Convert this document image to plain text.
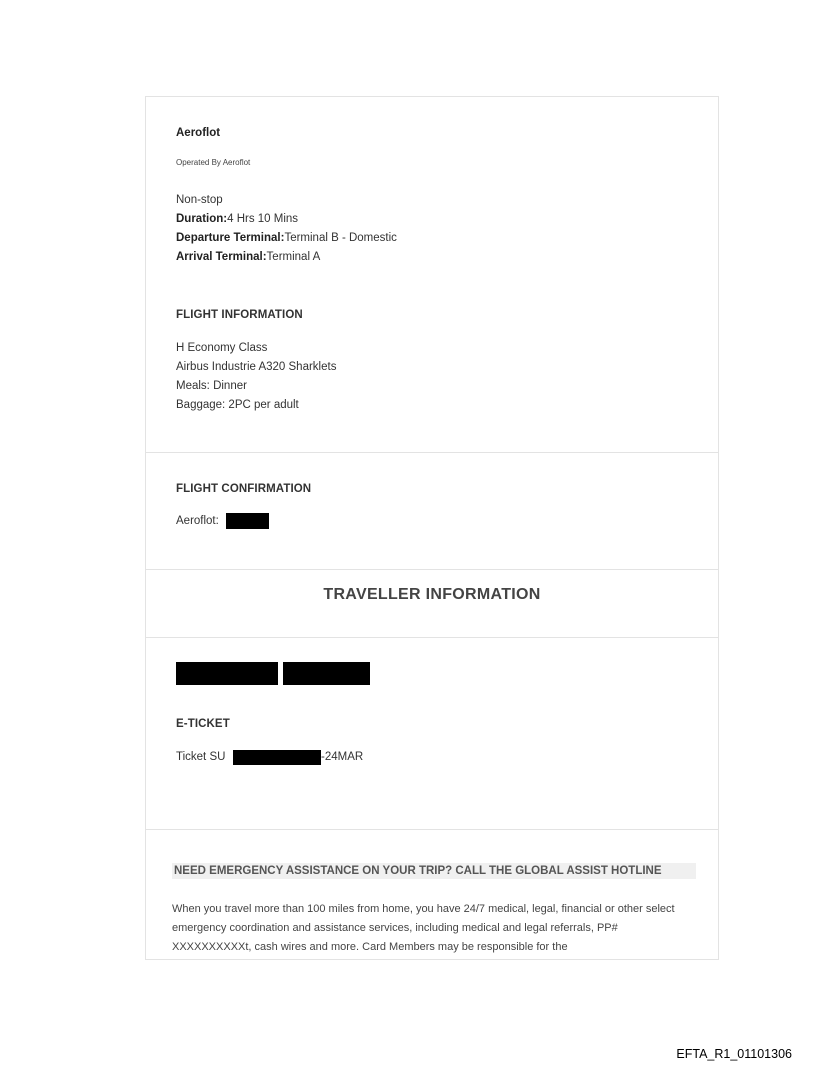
Aeroflot
Operated By Aeroflot
Non-stop
Duration:4 Hrs 10 Mins
Departure Terminal:Terminal B - Domestic
Arrival Terminal:Terminal A
FLIGHT INFORMATION
H Economy Class
Airbus Industrie A320 Sharklets
Meals: Dinner
Baggage: 2PC per adult
FLIGHT CONFIRMATION
Aeroflot:
TRAVELLER INFORMATION
E-TICKET
Ticket SU	-24MAR
NEED EMERGENCY ASSISTANCE ON YOUR TRIP? CALL THE GLOBAL ASSIST HOTLINE
When you travel more than 100 miles from home, you have 24/7 medical, legal, financial or other select emergency coordination and assistance services, including medical and legal referrals, PP# XXXXXXXXXXt, cash wires and more. Card Members may be responsible for the
EFTA_R1_01101306
